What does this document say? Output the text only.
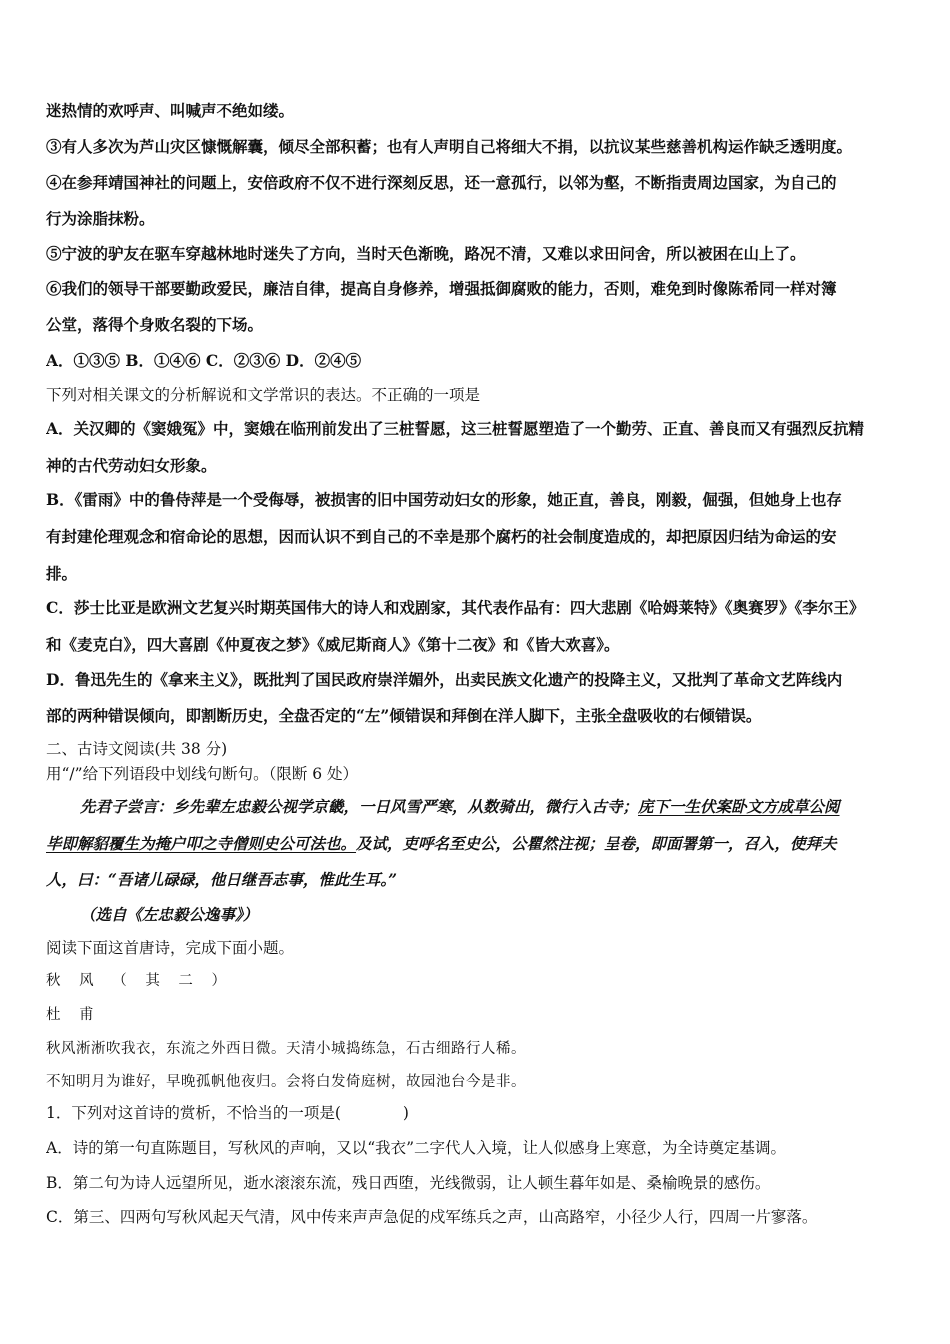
迷热情的欢呼声、叫喊声不绝如缕。
③有人多次为芦山灾区慷慨解囊，倾尽全部积蓄；也有人声明自己将细大不捐，以抗议某些慈善机构运作缺乏透明度。
④在参拜靖国神社的问题上，安倍政府不仅不进行深刻反思，还一意孤行，以邻为壑，不断指责周边国家，为自己的
行为涂脂抹粉。
⑤宁波的驴友在驱车穿越林地时迷失了方向，当时天色渐晚，路况不清，又难以求田问舍，所以被困在山上了。
⑥我们的领导干部要勤政爱民，廉洁自律，提高自身修养，增强抵御腐败的能力，否则，难免到时像陈希同一样对簿
公堂，落得个身败名裂的下场。
A．①③⑤ B．①④⑥ C．②③⑥ D．②④⑤
下列对相关课文的分析解说和文学常识的表达。不正确的一项是
A．关汉卿的《窦娥冤》中，窦娥在临刑前发出了三桩誓愿，这三桩誓愿塑造了一个勤劳、正直、善良而又有强烈反抗精
神的古代劳动妇女形象。
B．《雷雨》中的鲁侍萍是一个受侮辱，被损害的旧中国劳动妇女的形象，她正直，善良，刚毅，倔强，但她身上也存
有封建伦理观念和宿命论的思想，因而认识不到自己的不幸是那个腐朽的社会制度造成的，却把原因归结为命运的安
排。
C．莎士比亚是欧洲文艺复兴时期英国伟大的诗人和戏剧家，其代表作品有：四大悲剧《哈姆莱特》《奥赛罗》《李尔王》
和《麦克白》，四大喜剧《仲夏夜之梦》《威尼斯商人》《第十二夜》和《皆大欢喜》。
D．鲁迅先生的《拿来主义》，既批判了国民政府崇洋媚外，出卖民族文化遗产的投降主义，又批判了革命文艺阵线内
部的两种错误倾向，即割断历史，全盘否定的“左”倾错误和拜倒在洋人脚下，主张全盘吸收的右倾错误。
二、古诗文阅读(共 38 分)
用“/”给下列语段中划线句断句。（限断 6 处）
先君子尝言：乡先辈左忠毅公视学京畿，一日风雪严寒，从数骑出，微行入古寺；庑下一生伏案卧文方成草公阅
毕即解貂覆生为掩户叩之寺僧则史公可法也。及试，吏呼名至史公，公瞿然注视；呈卷，即面署第一，召入，使拜夫
人，曰：“吾诸儿碌碌，他日继吾志事，惟此生耳。”
（选自《左忠毅公逸事》）
阅读下面这首唐诗，完成下面小题。
秋 风 （ 其 二 ）
杜 甫
秋风淅淅吹我衣，东流之外西日微。天清小城捣练急，石古细路行人稀。
不知明月为谁好，早晚孤帆他夜归。会将白发倚庭树，故园池台今是非。
1．下列对这首诗的赏析，不恰当的一项是(　　　　)
A．诗的第一句直陈题目，写秋风的声响，又以“我衣”二字代人入境，让人似感身上寒意，为全诗奠定基调。
B．第二句为诗人远望所见，逝水滚滚东流，残日西堕，光线微弱，让人顿生暮年如是、桑榆晚景的感伤。
C．第三、四两句写秋风起天气清，风中传来声声急促的戍军练兵之声，山高路窄，小径少人行，四周一片寥落。
